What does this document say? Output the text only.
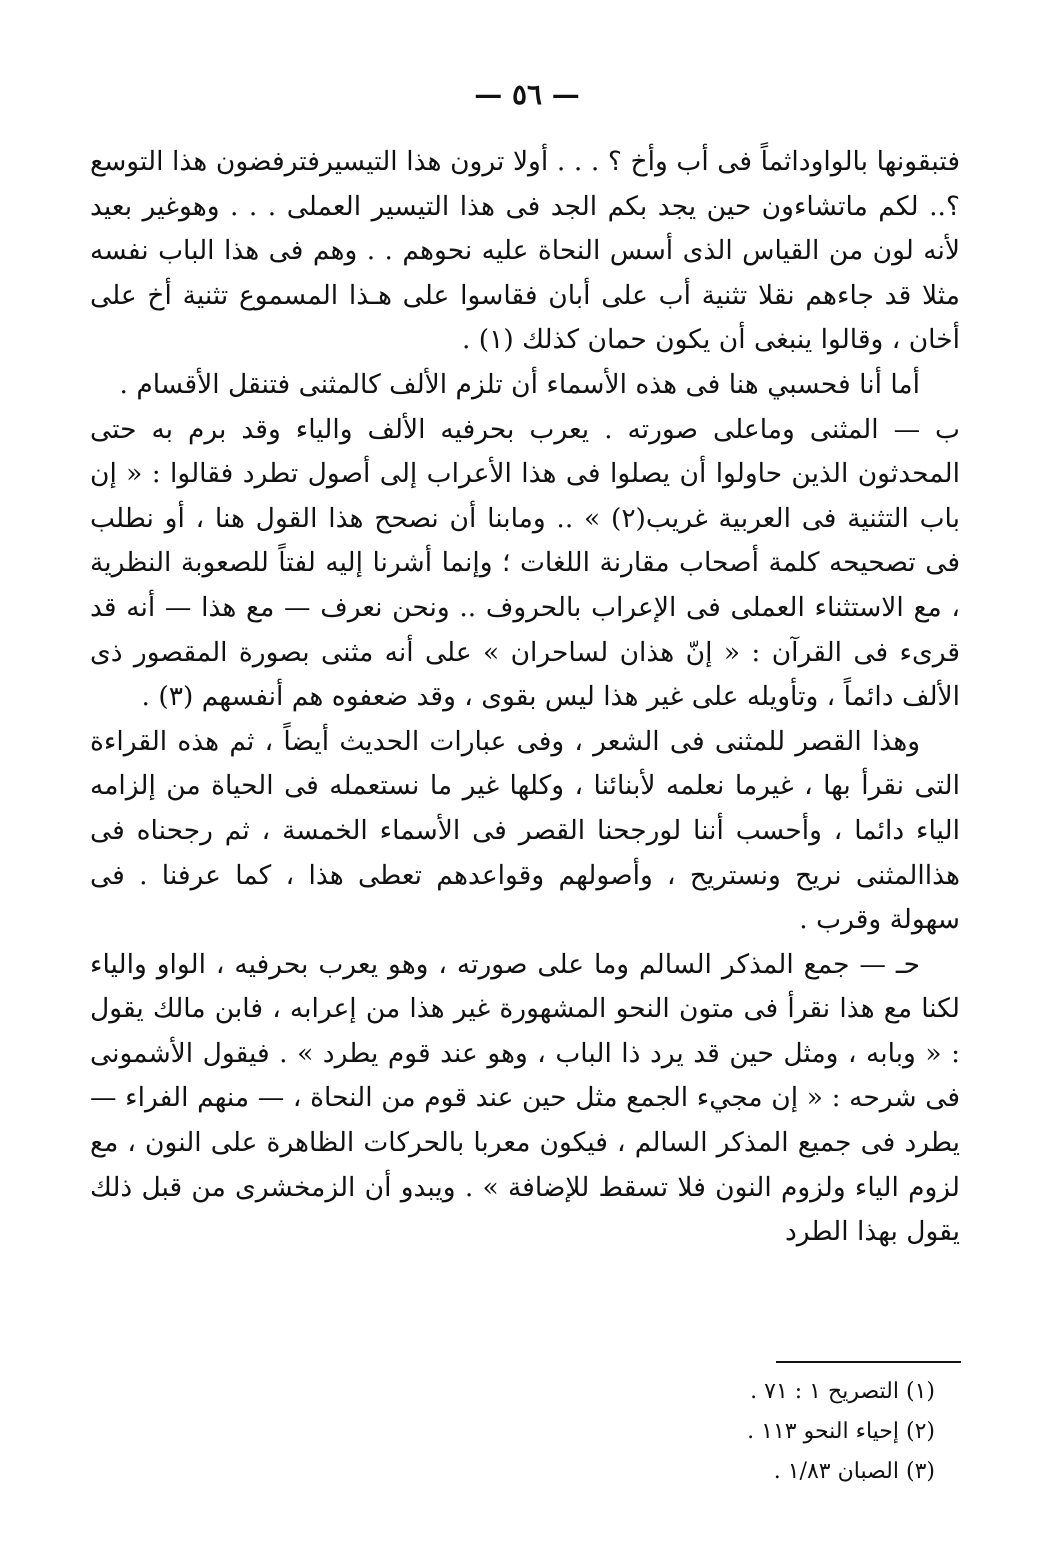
— ٥٦ —

فتبقونها بالواوداثماً فى أب وأخ ؟ . . . أولا ترون هذا التيسيرفترفضون هذا التوسع ؟.. لكم ماتشاءون حين يجد بكم الجد فى هذا التيسير العملى . . . وهوغير بعيد لأنه لون من القياس الذى أسس النحاة عليه نحوهم . . وهم فى هذا الباب نفسه مثلا قد جاءهم نقلا تثنية أب على أبان فقاسوا على هـذا المسموع تثنية أخ على أخان ، وقالوا ينبغى أن يكون حمان كذلك (١) .

أما أنا فحسبي هنا فى هذه الأسماء أن تلزم الألف كالمثنى فتنقل الأقسام .

ب — المثنى وماعلى صورته . يعرب بحرفيه الألف والياء وقد برم به حتى المحدثون الذين حاولوا أن يصلوا فى هذا الأعراب إلى أصول تطرد فقالوا : « إن باب التثنية فى العربية غريب(٢) » .. ومابنا أن نصحح هذا القول هنا ، أو نطلب فى تصحيحه كلمة أصحاب مقارنة اللغات ؛ وإنما أشرنا إليه لفتاً للصعوبة النظرية ، مع الاستثناء العملى فى الإعراب بالحروف .. ونحن نعرف — مع هذا — أنه قد قرىء فى القرآن : « إنّ هذان لساحران » على أنه مثنى بصورة المقصور ذى الألف دائماً ، وتأويله على غير هذا ليس بقوى ، وقد ضعفوه هم أنفسهم (٣) .

وهذا القصر للمثنى فى الشعر ، وفى عبارات الحديث أيضاً ، ثم هذه القراءة التى نقرأ بها ، غيرما نعلمه لأبنائنا ، وكلها غير ما نستعمله فى الحياة من إلزامه الياء دائما ، وأحسب أننا لورجحنا القصر فى الأسماء الخمسة ، ثم رجحناه فى هذاالمثنى نريح ونستريح ، وأصولهم وقواعدهم تعطى هذا ، كما عرفنا . فى سهولة وقرب .

حـ — جمع المذكر السالم وما على صورته ، وهو يعرب بحرفيه ، الواو والياء لكنا مع هذا نقرأ فى متون النحو المشهورة غير هذا من إعرابه ، فابن مالك يقول : « وبابه ، ومثل حين قد يرد ذا الباب ، وهو عند قوم يطرد » . فيقول الأشمونى فى شرحه : « إن مجيء الجمع مثل حين عند قوم من النحاة ، — منهم الفراء — يطرد فى جميع المذكر السالم ، فيكون معربا بالحركات الظاهرة على النون ، مع لزوم الياء ولزوم النون فلا تسقط للإضافة » . ويبدو أن الزمخشرى من قبل ذلك يقول بهذا الطرد

(١) التصريح ١ : ٧١ .
(٢) إحياء النحو ١١٣ .
(٣) الصبان ١/٨٣ .
